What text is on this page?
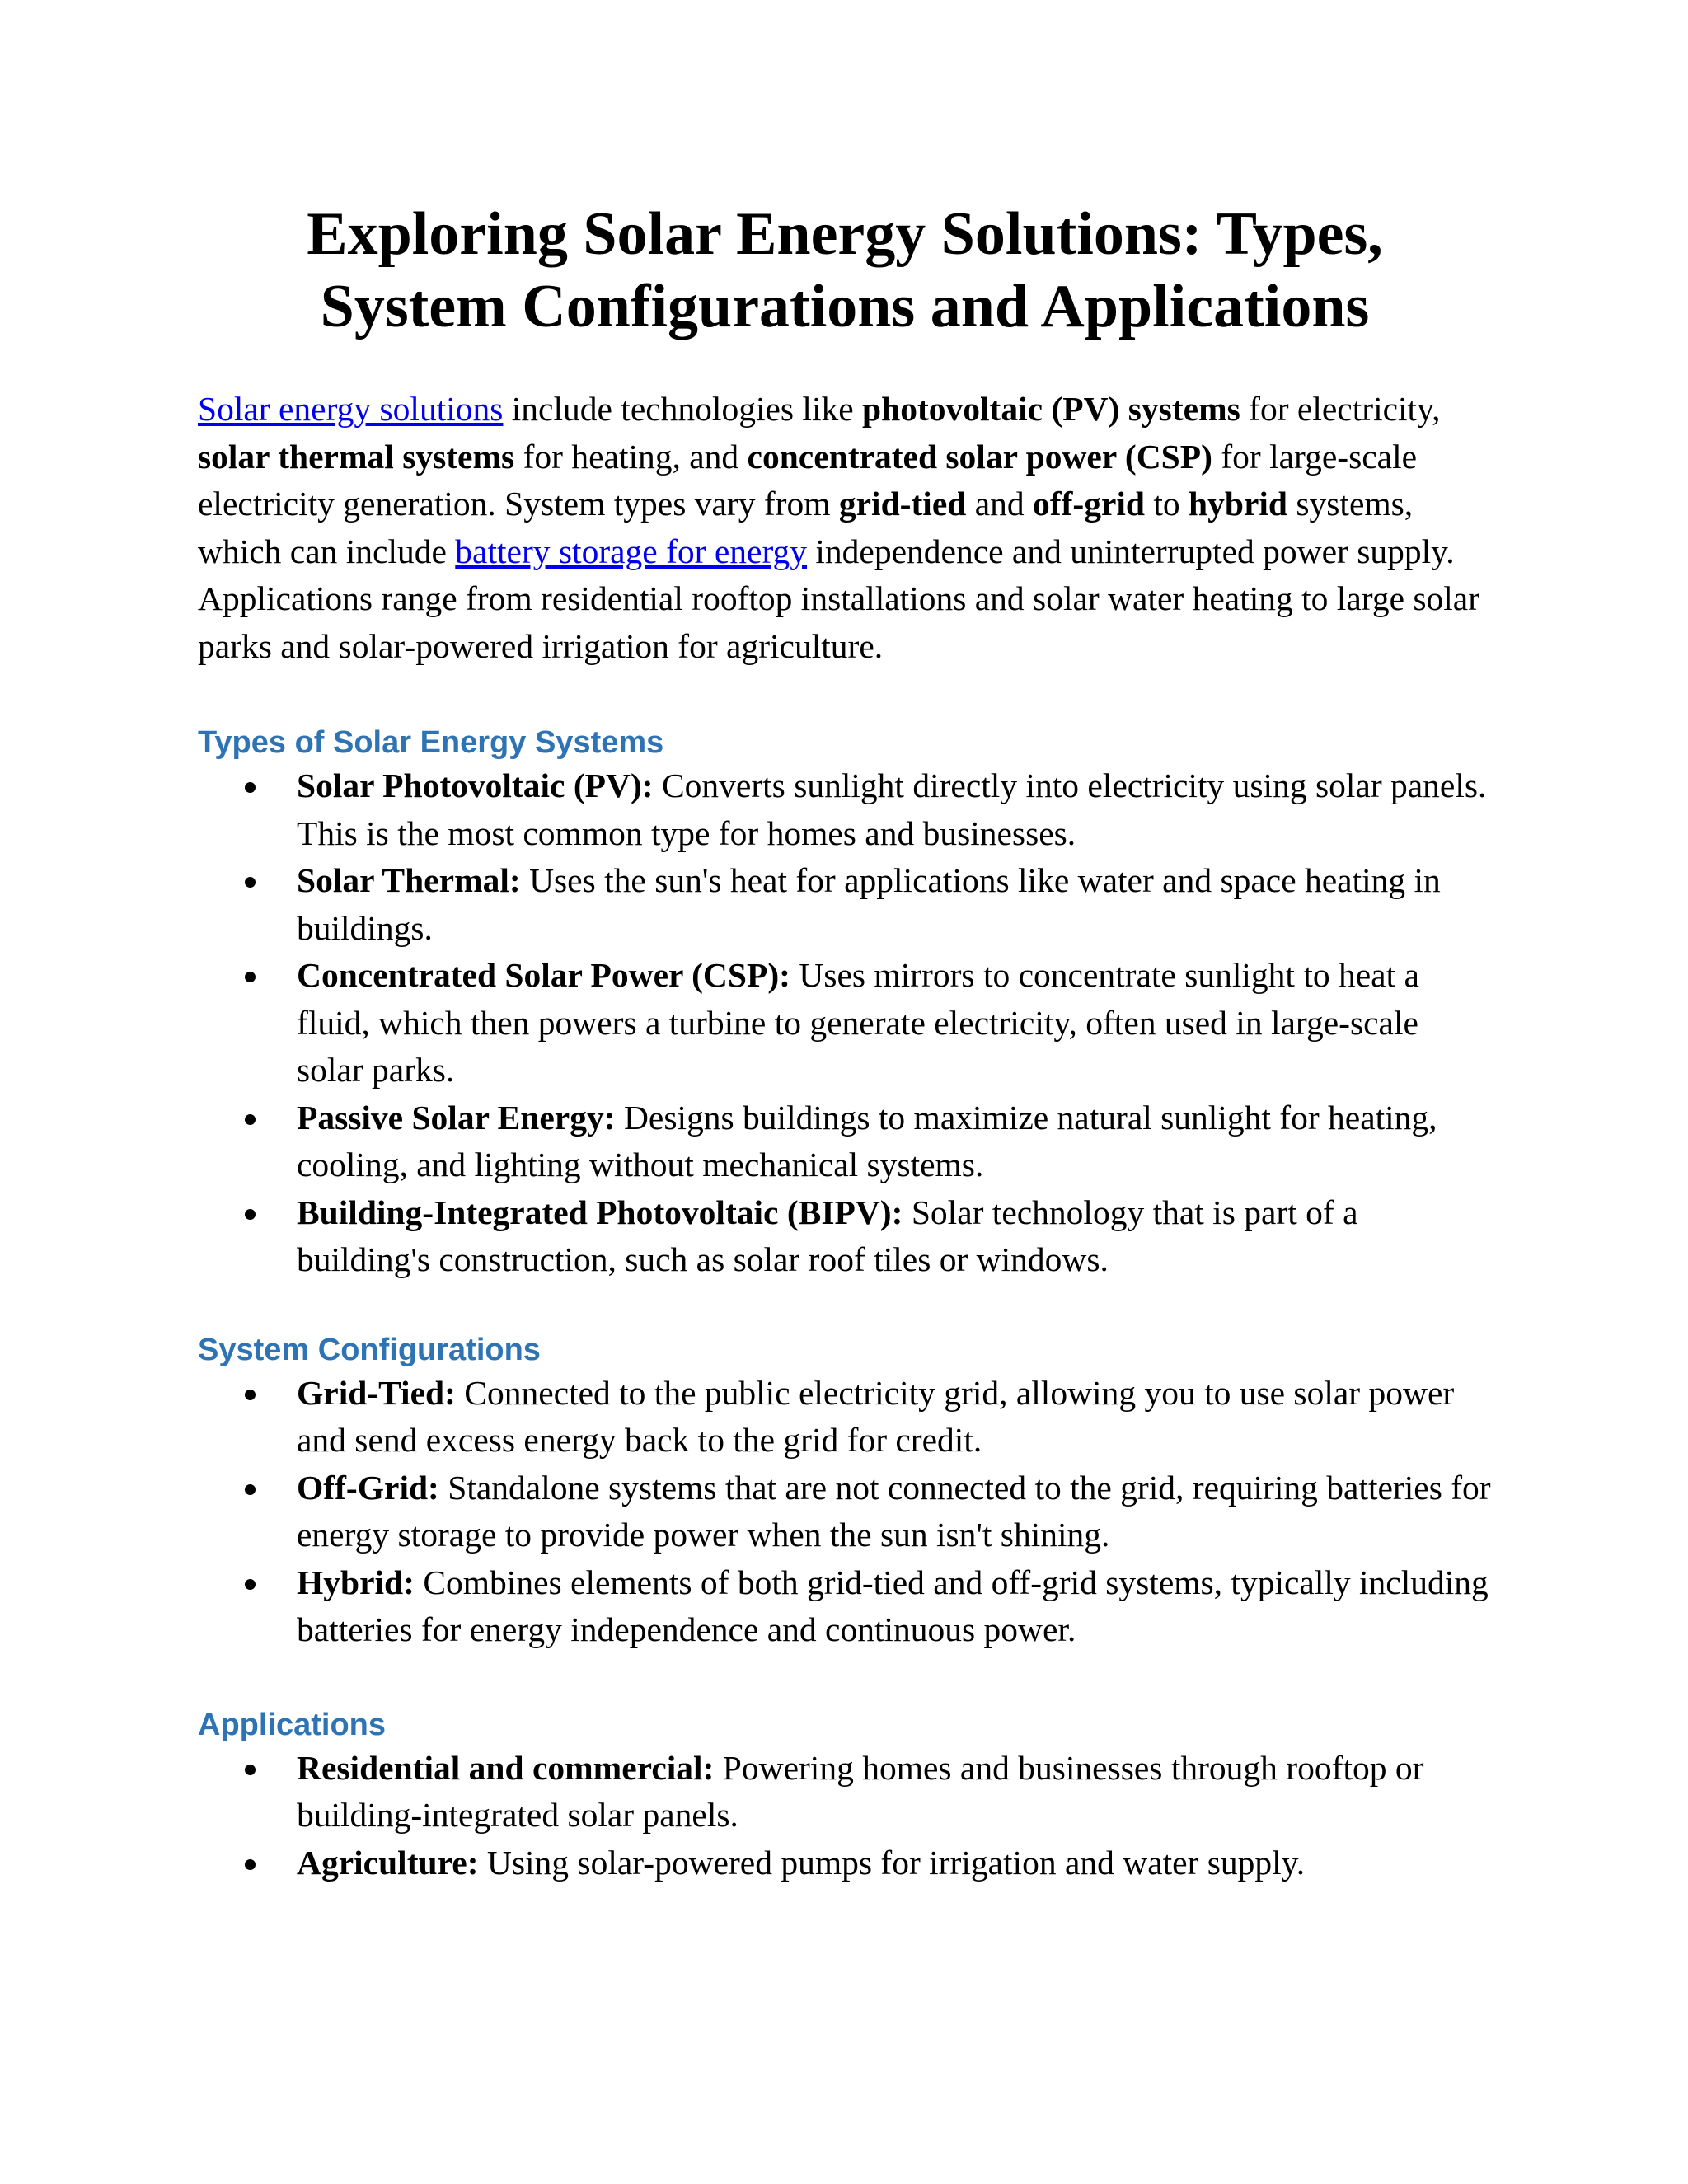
Exploring Solar Energy Solutions: Types,
System Configurations and Applications

Solar energy solutions include technologies like photovoltaic (PV) systems for electricity, solar thermal systems for heating, and concentrated solar power (CSP) for large-scale electricity generation. System types vary from grid-tied and off-grid to hybrid systems, which can include battery storage for energy independence and uninterrupted power supply. Applications range from residential rooftop installations and solar water heating to large solar parks and solar-powered irrigation for agriculture.

Types of Solar Energy Systems
Solar Photovoltaic (PV): Converts sunlight directly into electricity using solar panels. This is the most common type for homes and businesses.
Solar Thermal: Uses the sun's heat for applications like water and space heating in buildings.
Concentrated Solar Power (CSP): Uses mirrors to concentrate sunlight to heat a fluid, which then powers a turbine to generate electricity, often used in large-scale solar parks.
Passive Solar Energy: Designs buildings to maximize natural sunlight for heating, cooling, and lighting without mechanical systems.
Building-Integrated Photovoltaic (BIPV): Solar technology that is part of a building's construction, such as solar roof tiles or windows.
System Configurations
Grid-Tied: Connected to the public electricity grid, allowing you to use solar power and send excess energy back to the grid for credit.
Off-Grid: Standalone systems that are not connected to the grid, requiring batteries for energy storage to provide power when the sun isn't shining.
Hybrid: Combines elements of both grid-tied and off-grid systems, typically including batteries for energy independence and continuous power.
Applications
Residential and commercial: Powering homes and businesses through rooftop or building-integrated solar panels.
Agriculture: Using solar-powered pumps for irrigation and water supply.
